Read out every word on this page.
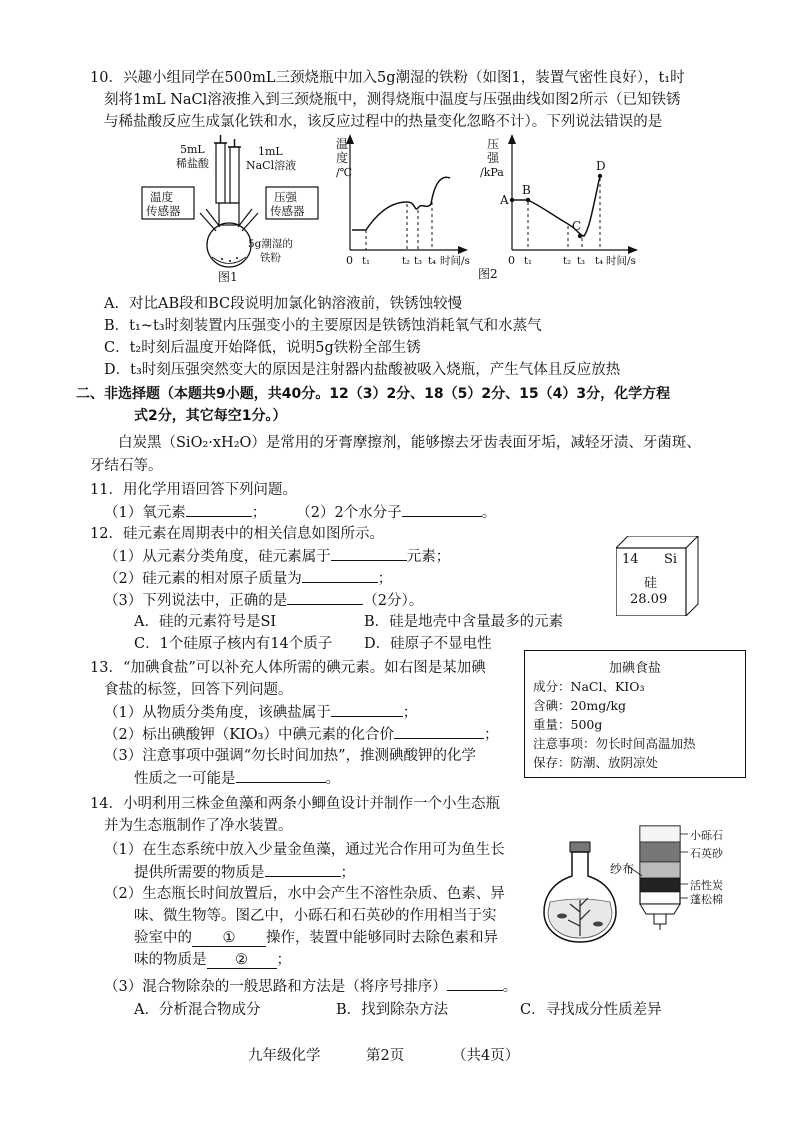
10．兴趣小组同学在500mL三颈烧瓶中加入5g潮湿的铁粉（如图1，装置气密性良好），t₁时
刻将1mL NaCl溶液推入到三颈烧瓶中，测得烧瓶中温度与压强曲线如图2所示（已知铁锈
与稀盐酸反应生成氯化铁和水，该反应过程中的热量变化忽略不计）。下列说法错误的是
5mL
稀盐酸
1mL
NaCl溶液
温度
传感器
压强
传感器
5g潮湿的
铁粉
图1
温
度
/℃
0 t₁	t₂ t₃ t₄ 时间/s
压
强
/kPa
A
B
C
D
0 t₁	t₂ t₃ t₄ 时间/s
图2
A．对比AB段和BC段说明加氯化钠溶液前，铁锈蚀较慢
B．t₁~t₃时刻装置内压强变小的主要原因是铁锈蚀消耗氧气和水蒸气
C．t₂时刻后温度开始降低，说明5g铁粉全部生锈
D．t₃时刻压强突然变大的原因是注射器内盐酸被吸入烧瓶，产生气体且反应放热
二、非选择题（本题共9小题，共40分。12（3）2分、18（5）2分、15（4）3分，化学方程
式2分，其它每空1分。）
白炭黑（SiO₂·xH₂O）是常用的牙膏摩擦剂，能够擦去牙齿表面牙垢，减轻牙渍、牙菌斑、
牙结石等。
11．用化学用语回答下列问题。
（1）氧元素	； （2）2个水分子	。
12．硅元素在周期表中的相关信息如图所示。
（1）从元素分类角度，硅元素属于	元素；
（2）硅元素的相对原子质量为	；
（3）下列说法中，正确的是	（2分）。
A．硅的元素符号是SI	B．硅是地壳中含量最多的元素
C．1个硅原子核内有14个质子 D．硅原子不显电性
14 Si
硅
28.09
13．“加碘食盐”可以补充人体所需的碘元素。如右图是某加碘
食盐的标签，回答下列问题。
（1）从物质分类角度，该碘盐属于	；
（2）标出碘酸钾（KIO₃）中碘元素的化合价	；
（3）注意事项中强调“勿长时间加热”，推测碘酸钾的化学
性质之一可能是	。
加碘食盐
成分：NaCl、KIO₃
含碘：20mg/kg
重量：500g
注意事项：勿长时间高温加热
保存：防潮、放阴凉处
14．小明利用三株金鱼藻和两条小鲫鱼设计并制作一个小生态瓶
并为生态瓶制作了净水装置。
（1）在生态系统中放入少量金鱼藻，通过光合作用可为鱼生长
提供所需要的物质是	；
（2）生态瓶长时间放置后，水中会产生不溶性杂质、色素、异
味、微生物等。图乙中，小砾石和石英砂的作用相当于实
验室中的 ① 操作，装置中能够同时去除色素和异
味的物质是 ② ；
（3）混合物除杂的一般思路和方法是（将序号排序）	。
A．分析混合物成分	B．找到除杂方法	C．寻找成分性质差异
纱布
小砾石
石英砂
活性炭
蓬松棉
九年级化学	第2页	（共4页）
